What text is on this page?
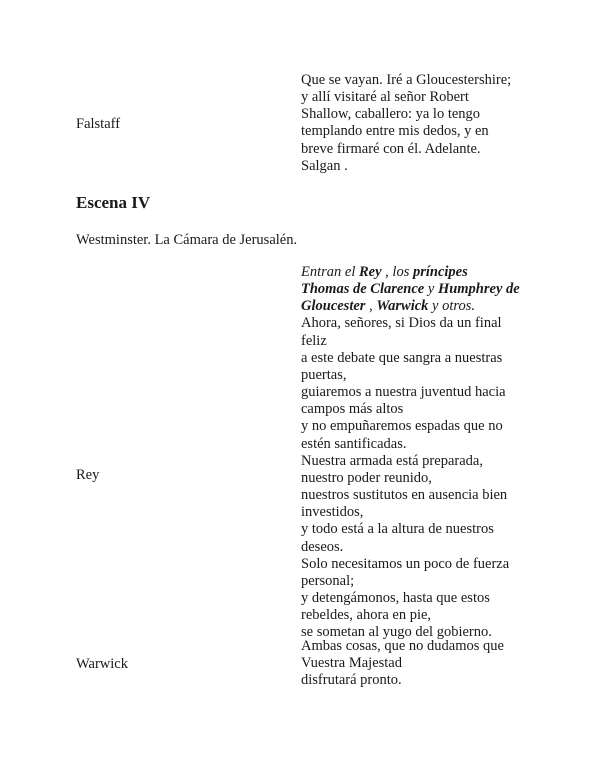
Falstaff
Que se vayan. Iré a Gloucestershire;
y allí visitaré al señor Robert
Shallow, caballero: ya lo tengo
templando entre mis dedos, y en
breve firmaré con él. Adelante.
Salgan .
Escena IV
Westminster. La Cámara de Jerusalén.
Rey
Entran el Rey , los príncipes
Thomas de Clarence y Humphrey de Gloucester , Warwick y otros.
Ahora, señores, si Dios da un final
feliz
a este debate que sangra a nuestras
puertas,
guiaremos a nuestra juventud hacia
campos más altos
y no empuñaremos espadas que no
estén santificadas.
Nuestra armada está preparada,
nuestro poder reunido,
nuestros sustitutos en ausencia bien
investidos,
y todo está a la altura de nuestros
deseos.
Solo necesitamos un poco de fuerza
personal;
y detengámonos, hasta que estos
rebeldes, ahora en pie,
se sometan al yugo del gobierno.
Warwick
Ambas cosas, que no dudamos que
Vuestra Majestad
disfrutará pronto.
